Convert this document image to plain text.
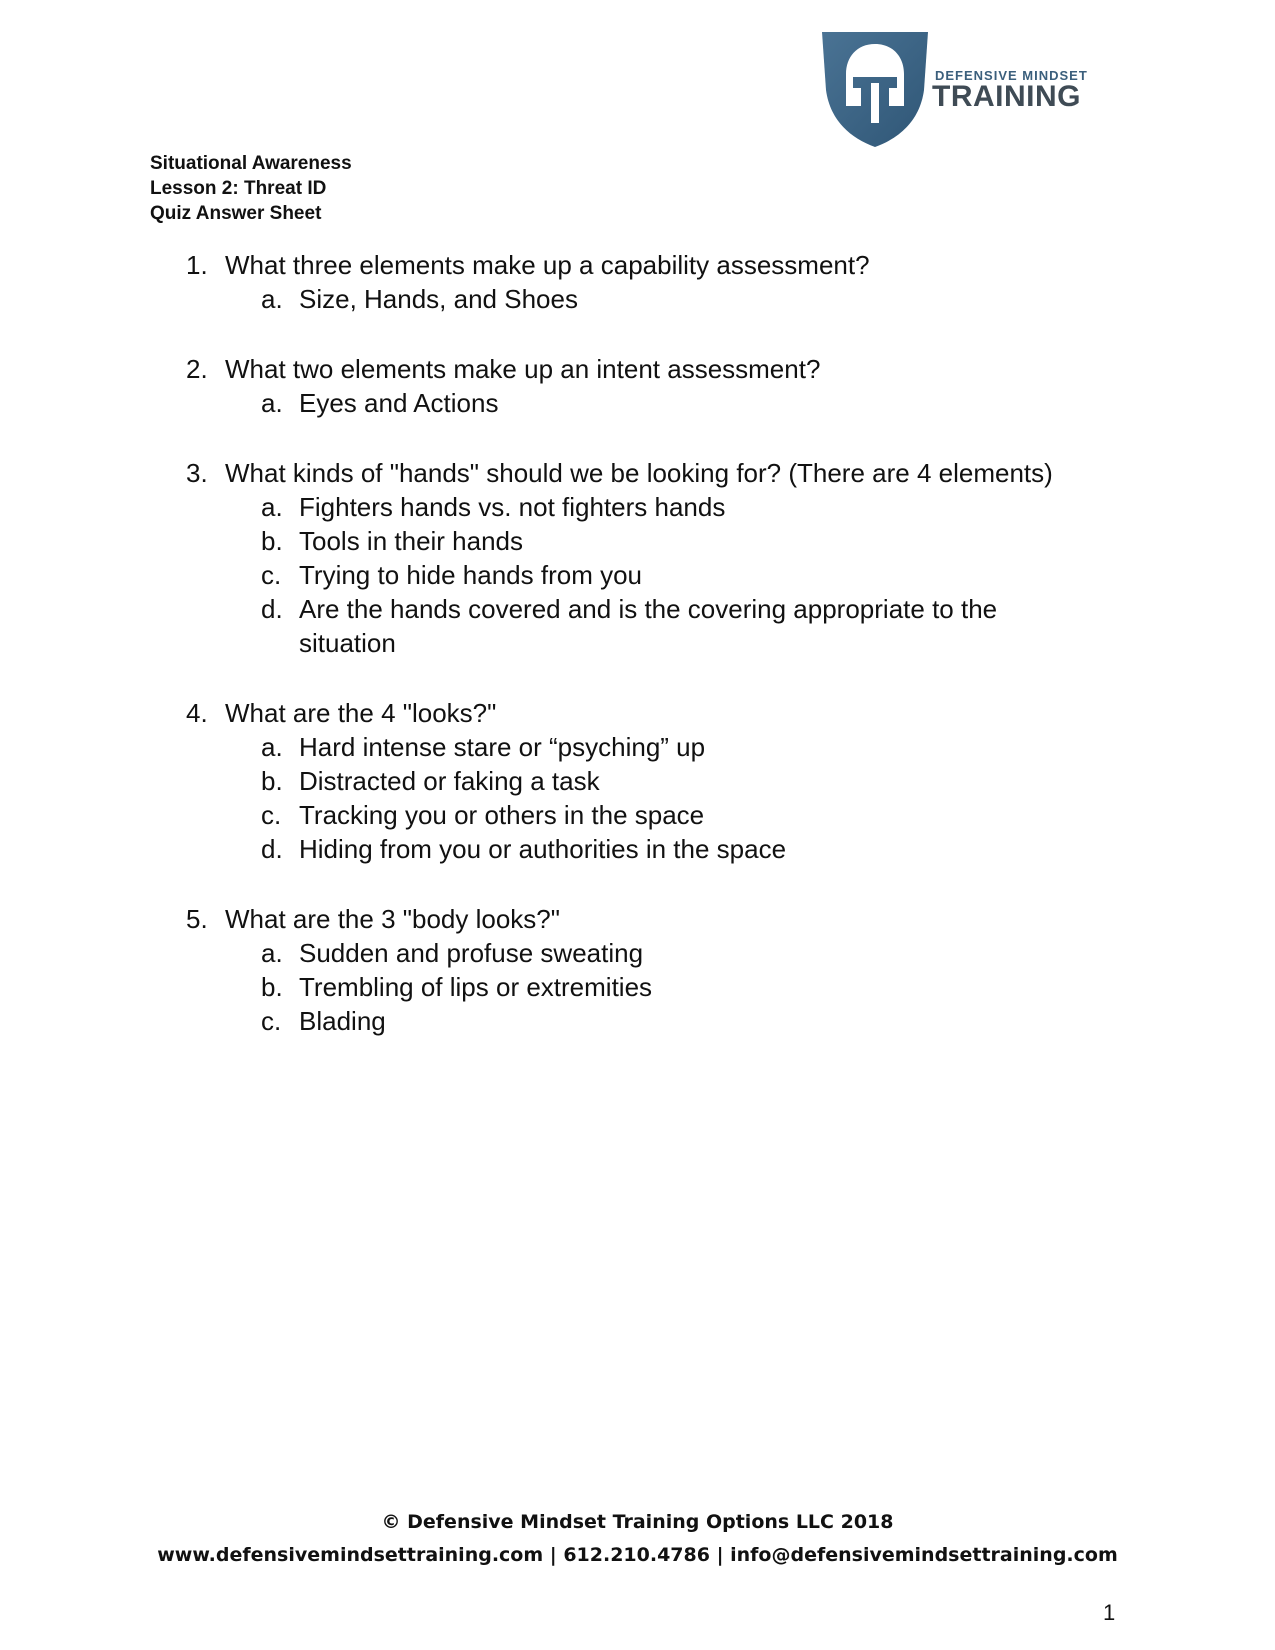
DEFENSIVE MINDSET
TRAINING
Situational Awareness
Lesson 2: Threat ID
Quiz Answer Sheet
1. What three elements make up a capability assessment?
a. Size, Hands, and Shoes
2. What two elements make up an intent assessment?
a. Eyes and Actions
3. What kinds of "hands" should we be looking for? (There are 4 elements)
a. Fighters hands vs. not fighters hands
b. Tools in their hands
c. Trying to hide hands from you
d. Are the hands covered and is the covering appropriate to the situation
4. What are the 4 "looks?"
a. Hard intense stare or “psyching” up
b. Distracted or faking a task
c. Tracking you or others in the space
d. Hiding from you or authorities in the space
5. What are the 3 "body looks?"
a. Sudden and profuse sweating
b. Trembling of lips or extremities
c. Blading
© Defensive Mindset Training Options LLC 2018
www.defensivemindsettraining.com | 612.210.4786 | info@defensivemindsettraining.com
1
